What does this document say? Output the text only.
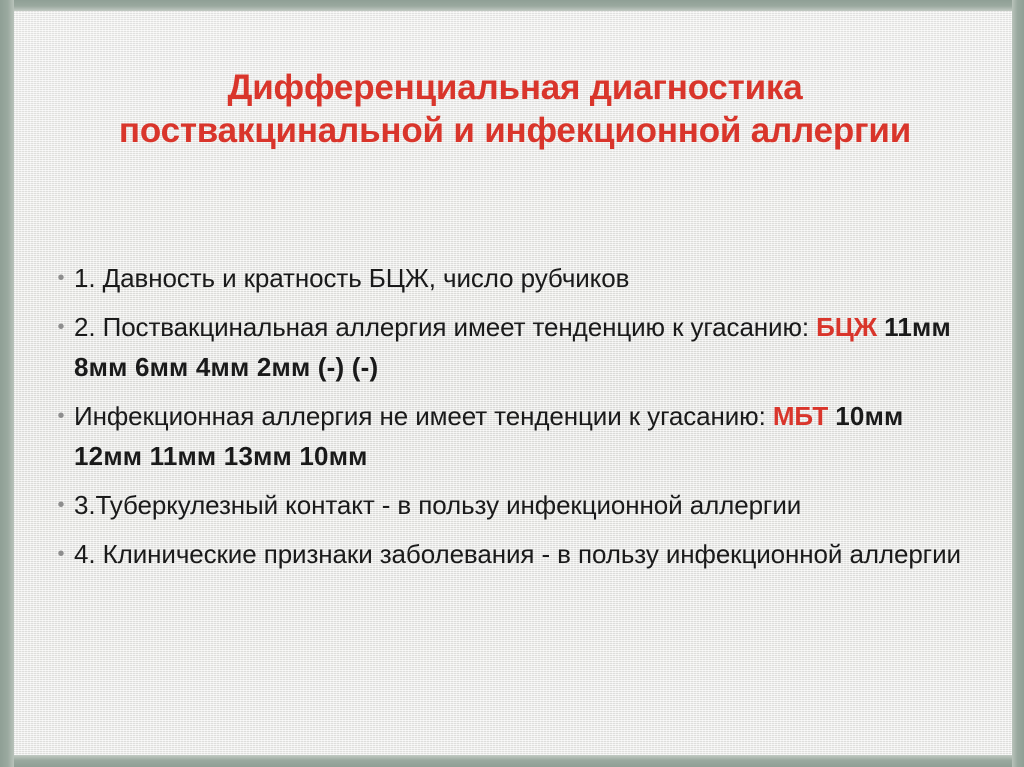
Дифференциальная диагностика поствакцинальной и инфекционной аллергии
• 1. Давность и кратность БЦЖ, число рубчиков
• 2. Поствакцинальная аллергия имеет тенденцию к угасанию: БЦЖ 11мм 8мм 6мм 4мм 2мм (-) (-)
• Инфекционная аллергия не имеет тенденции к угасанию: МБТ 10мм 12мм 11мм 13мм 10мм
• 3.Туберкулезный контакт - в пользу инфекционной аллергии
• 4. Клинические признаки заболевания - в пользу инфекционной аллергии
